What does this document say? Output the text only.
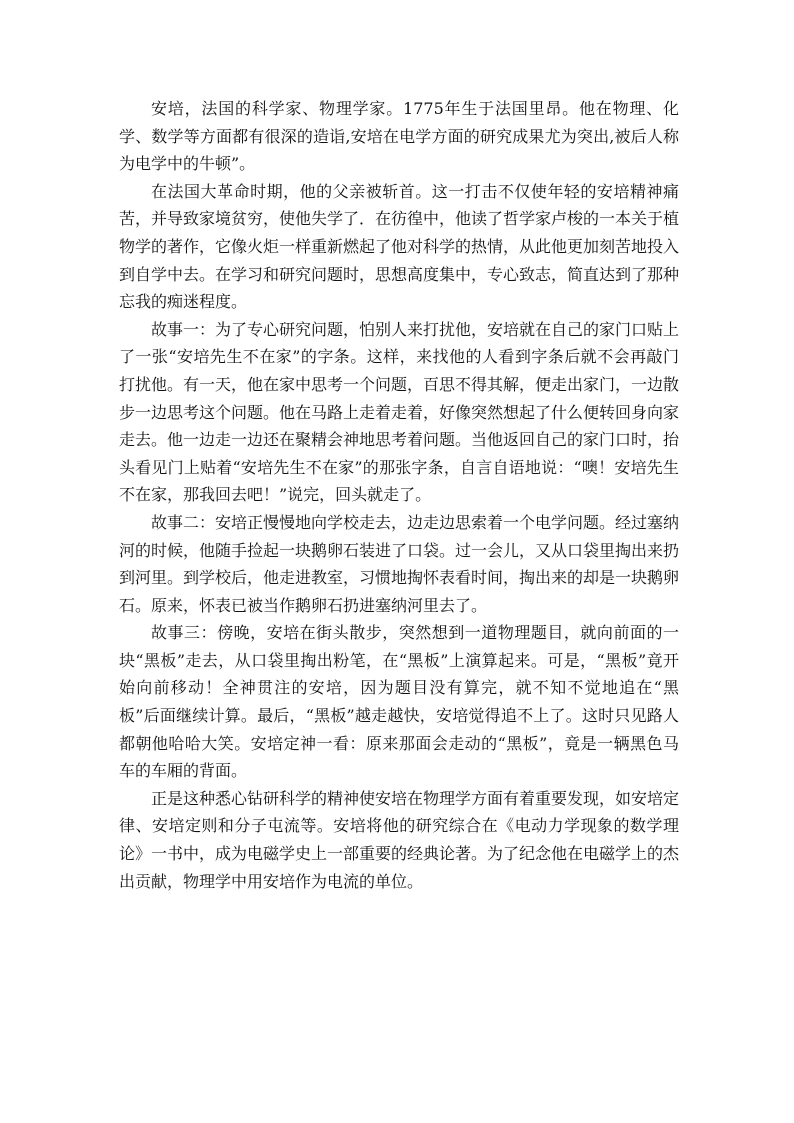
安培，法国的科学家、物理学家。1775年生于法国里昂。他在物理、化学、数学等方面都有很深的造诣,安培在电学方面的研究成果尤为突出,被后人称为电学中的牛顿”。

在法国大革命时期，他的父亲被斩首。这一打击不仅使年轻的安培精神痛苦，并导致家境贫穷，使他失学了．在彷徨中，他读了哲学家卢梭的一本关于植物学的著作，它像火炬一样重新燃起了他对科学的热情，从此他更加刻苦地投入到自学中去。在学习和研究问题时，思想高度集中，专心致志，简直达到了那种忘我的痴迷程度。

故事一：为了专心研究问题，怕别人来打扰他，安培就在自己的家门口贴上了一张“安培先生不在家”的字条。这样，来找他的人看到字条后就不会再敲门打扰他。有一天，他在家中思考一个问题，百思不得其解，便走出家门，一边散步一边思考这个问题。他在马路上走着走着，好像突然想起了什么便转回身向家走去。他一边走一边还在聚精会神地思考着问题。当他返回自己的家门口时，抬头看见门上贴着“安培先生不在家”的那张字条，自言自语地说：“噢！安培先生不在家，那我回去吧！”说完，回头就走了。

故事二：安培正慢慢地向学校走去，边走边思索着一个电学问题。经过塞纳河的时候，他随手捡起一块鹅卵石装进了口袋。过一会儿，又从口袋里掏出来扔到河里。到学校后，他走进教室，习惯地掏怀表看时间，掏出来的却是一块鹅卵石。原来，怀表已被当作鹅卵石扔进塞纳河里去了。

故事三：傍晚，安培在街头散步，突然想到一道物理题目，就向前面的一块“黑板”走去，从口袋里掏出粉笔，在“黑板”上演算起来。可是，“黑板”竟开始向前移动！全神贯注的安培，因为题目没有算完，就不知不觉地追在“黑板”后面继续计算。最后，“黑板”越走越快，安培觉得追不上了。这时只见路人都朝他哈哈大笑。安培定神一看：原来那面会走动的“黑板”，竟是一辆黑色马车的车厢的背面。

正是这种悉心钻研科学的精神使安培在物理学方面有着重要发现，如安培定律、安培定则和分子屯流等。安培将他的研究综合在《电动力学现象的数学理论》一书中，成为电磁学史上一部重要的经典论著。为了纪念他在电磁学上的杰出贡献，物理学中用安培作为电流的单位。
